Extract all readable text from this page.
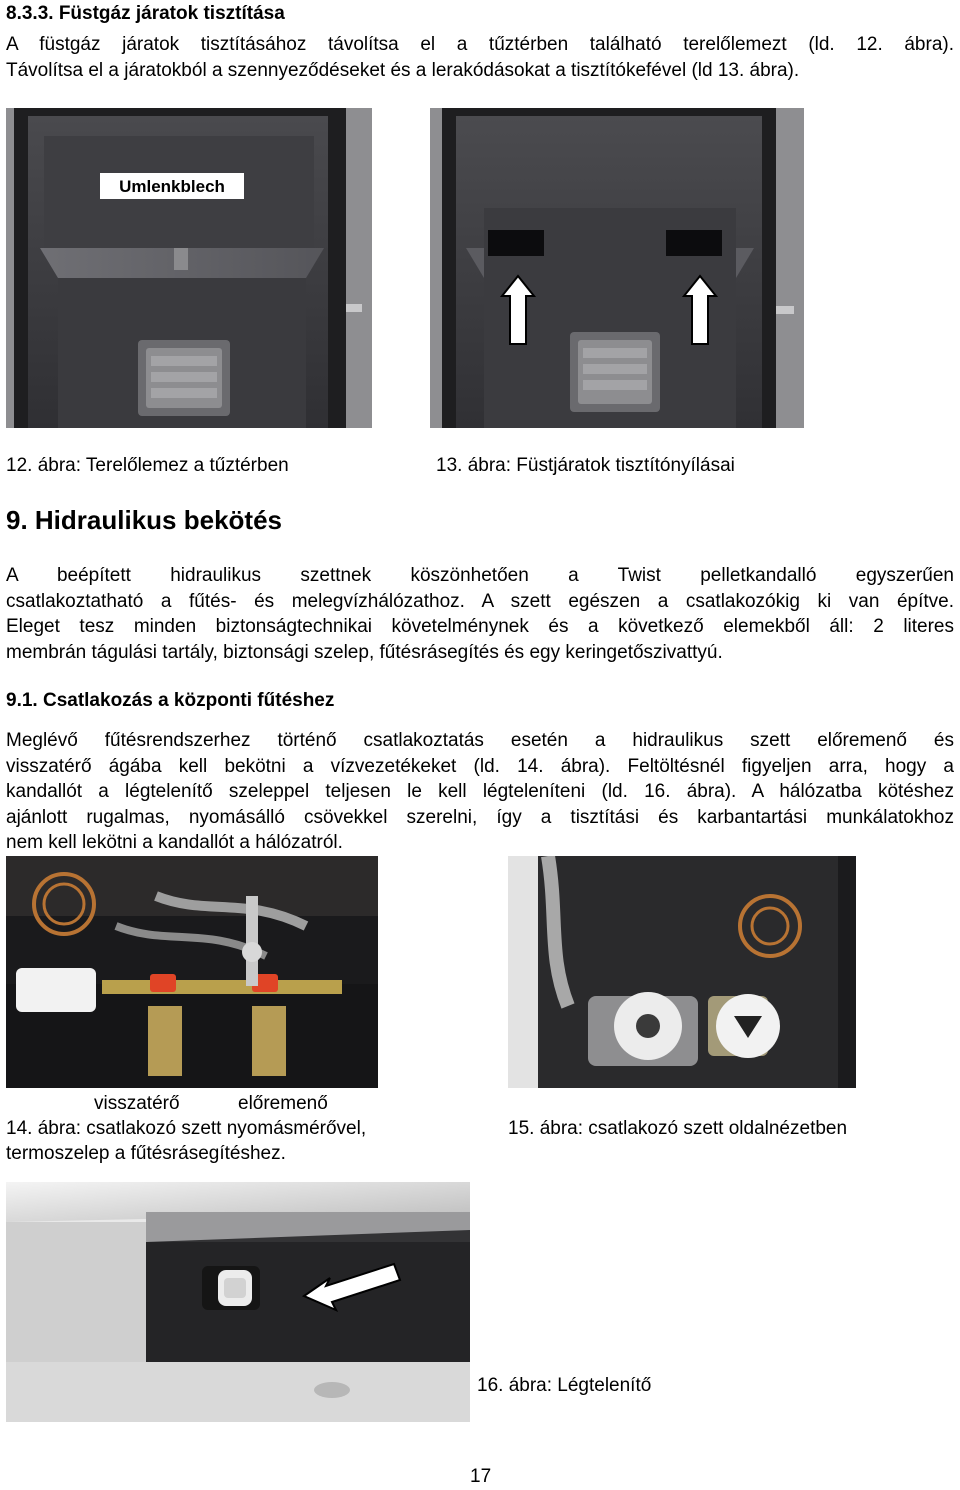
8.3.3. Füstgáz járatok tisztítása
A füstgáz járatok tisztításához távolítsa el a tűztérben található terelőlemezt (ld. 12. ábra).
Távolítsa el a járatokból a szennyeződéseket és a lerakódásokat a tisztítókefével (ld 13. ábra).
Umlenkblech
12. ábra: Terelőlemez a tűztérben	13. ábra: Füstjáratok tisztítónyílásai
9. Hidraulikus bekötés
A beépített hidraulikus szettnek köszönhetően a Twist pelletkandalló egyszerűen
csatlakoztatható a fűtés- és melegvízhálózathoz. A szett egészen a csatlakozókig ki van építve.
Eleget tesz minden biztonságtechnikai követelménynek és a következő elemekből áll: 2 literes
membrán tágulási tartály, biztonsági szelep, fűtésrásegítés és egy keringetőszivattyú.
9.1. Csatlakozás a központi fűtéshez
Meglévő fűtésrendszerhez történő csatlakoztatás esetén a hidraulikus szett előremenő és
visszatérő ágába kell bekötni a vízvezetékeket (ld. 14. ábra). Feltöltésnél figyeljen arra, hogy a
kandallót a légtelenítő szeleppel teljesen le kell légteleníteni (ld. 16. ábra). A hálózatba kötéshez
ajánlott rugalmas, nyomásálló csövekkel szerelni, így a tisztítási és karbantartási munkálatokhoz
nem kell lekötni a kandallót a hálózatról.
visszatérő	előremenő
14. ábra: csatlakozó szett nyomásmérővel,
termoszelep a fűtésrásegítéshez.
15. ábra: csatlakozó szett oldalnézetben
16. ábra: Légtelenítő
17
